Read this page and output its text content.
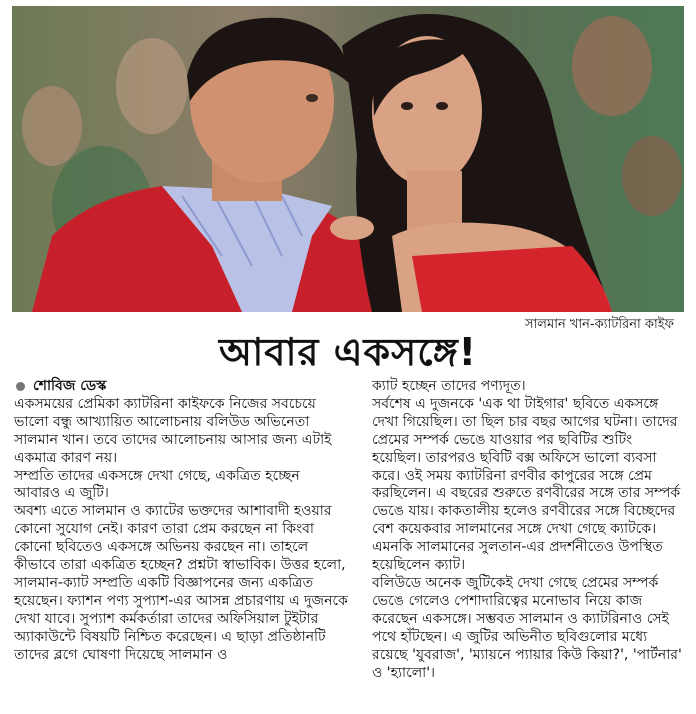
সালমান খান-ক্যাটরিনা কাইফ
আবার একসঙ্গে!
শোবিজ ডেস্ক

একসময়ের প্রেমিকা ক্যাটরিনা কাইফকে নিজের সবচেয়ে ভালো বন্ধু আখ্যায়িত আলোচনায় বলিউড অভিনেতা সালমান খান। তবে তাদের আলোচনায় আসার জন্য এটাই একমাত্র কারণ নয়।

সম্প্রতি তাদের একসঙ্গে দেখা গেছে, একত্রিত হচ্ছেন আবারও এ জুটি।

অবশ্য এতে সালমান ও ক্যাটের ভক্তদের আশাবাদী হওয়ার কোনো সুযোগ নেই। কারণ তারা প্রেম করছেন না কিংবা কোনো ছবিতেও একসঙ্গে অভিনয় করছেন না। তাহলে কীভাবে তারা একত্রিত হচ্ছেন? প্রশ্নটা স্বাভাবিক। উত্তর হলো, সালমান-ক্যাট সম্প্রতি একটি বিজ্ঞাপনের জন্য একত্রিত হয়েছেন। ফ্যাশন পণ্য সুপ্যাশ-এর আসন্ন প্রচারণায় এ দুজনকে দেখা যাবে। সুপ্যাশ কর্মকর্তারা তাদের অফিসিয়াল টুইটার অ্যাকাউন্টে বিষয়টি নিশ্চিত করেছেন। এ ছাড়া প্রতিষ্ঠানটি তাদের ব্লগে ঘোষণা দিয়েছে সালমান ও

ক্যাট হচ্ছেন তাদের পণ্যদূত।

সর্বশেষ এ দুজনকে 'এক থা টাইগার' ছবিতে একসঙ্গে দেখা গিয়েছিল। তা ছিল চার বছর আগের ঘটনা। তাদের প্রেমের সম্পর্ক ভেঙে যাওয়ার পর ছবিটির শুটিং হয়েছিল। তারপরও ছবিটি বক্স অফিসে ভালো ব্যবসা করে। ওই সময় ক্যাটরিনা রণবীর কাপুরের সঙ্গে প্রেম করছিলেন। এ বছরের শুরুতে রণবীরের সঙ্গে তার সম্পর্ক ভেঙে যায়। কাকতালীয় হলেও রণবীরের সঙ্গে বিচ্ছেদের বেশ কয়েকবার সালমানের সঙ্গে দেখা গেছে ক্যাটকে। এমনকি সালমানের সুলতান-এর প্রদর্শনীতেও উপস্থিত হয়েছিলেন ক্যাট।

বলিউডে অনেক জুটিকেই দেখা গেছে প্রেমের সম্পর্ক ভেঙে গেলেও পেশাদারিত্বের মনোভাব নিয়ে কাজ করেছেন একসঙ্গে। সম্ভবত সালমান ও ক্যাটরিনাও সেই পথে হাঁটছেন। এ জুটির অভিনীত ছবিগুলোর মধ্যে রয়েছে 'যুবরাজ', 'ম্যায়নে প্যায়ার কিউ কিয়া?', 'পার্টনার' ও 'হ্যালো'।
